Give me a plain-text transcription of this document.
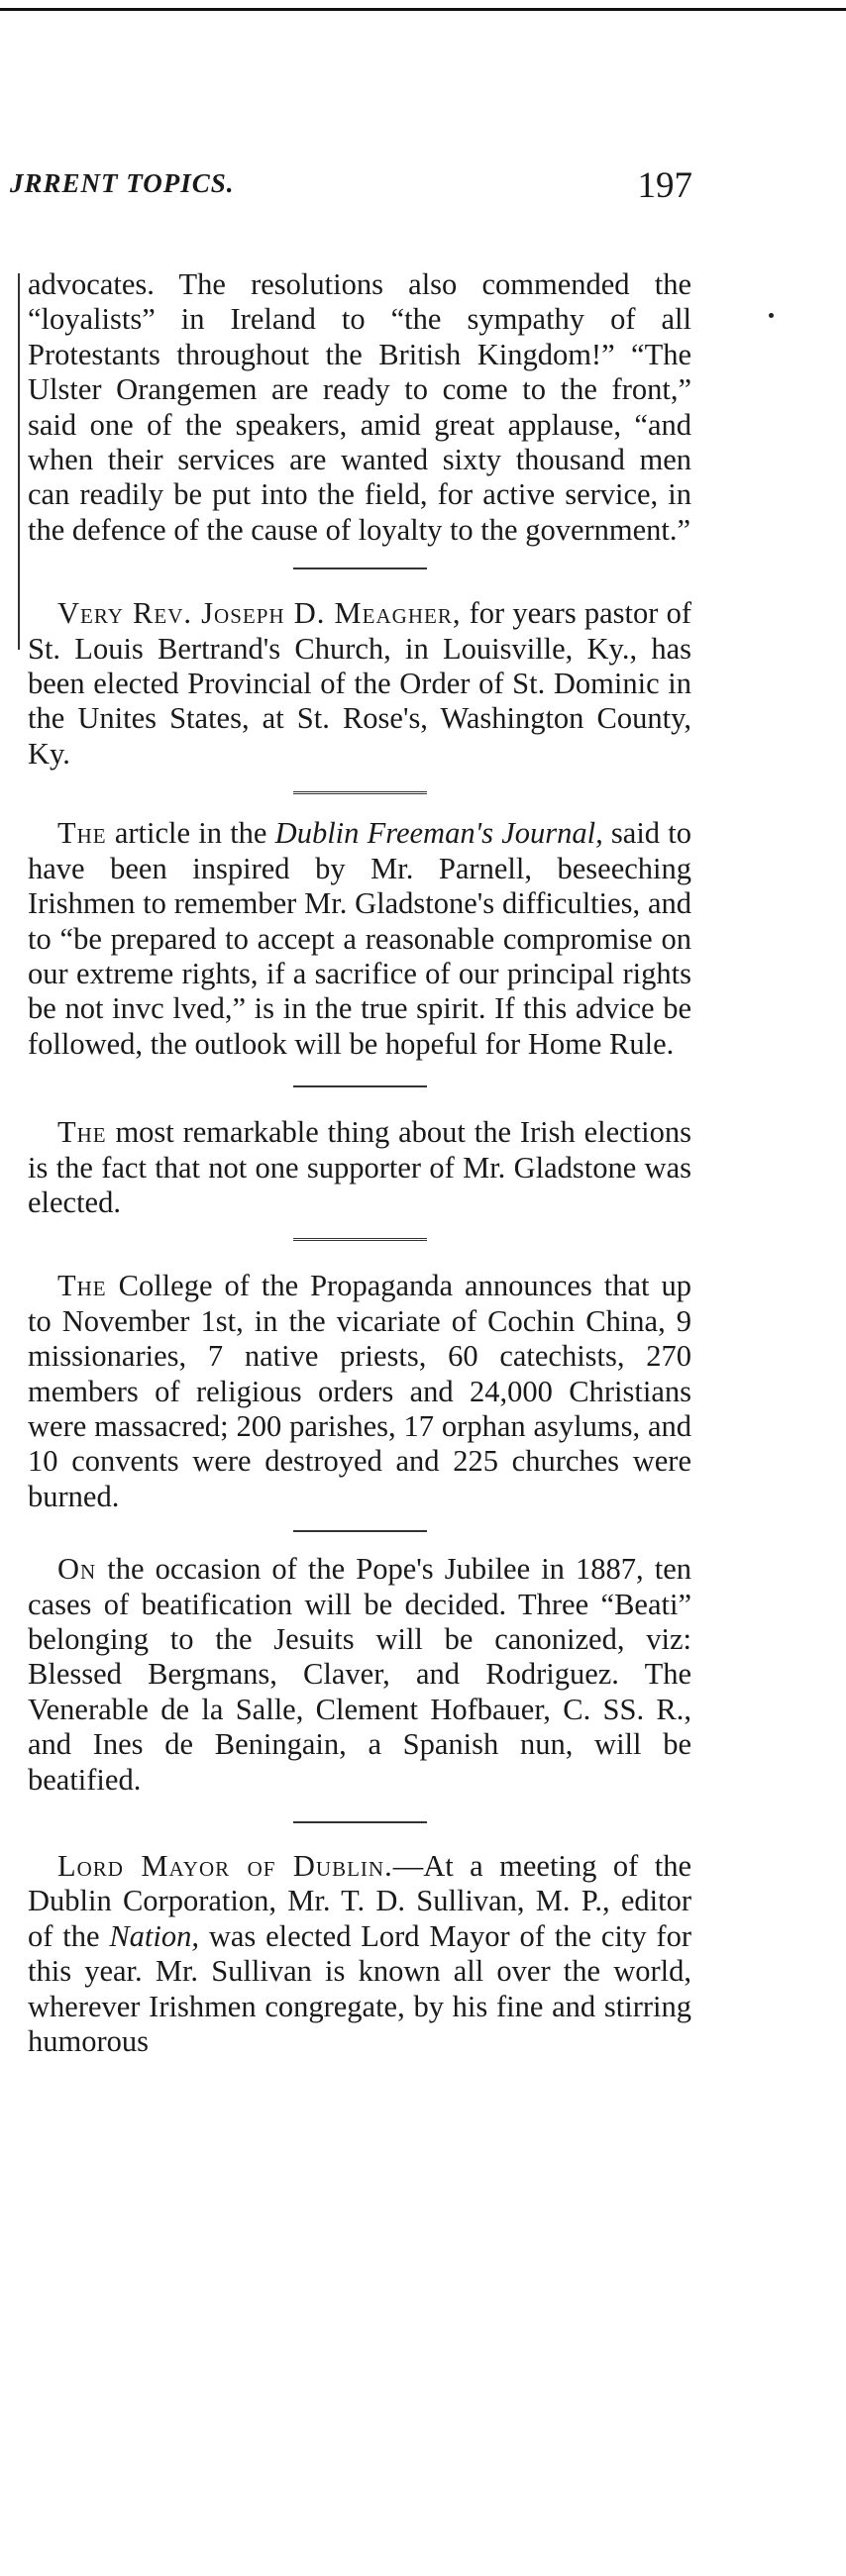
JRRENT TOPICS.	197

advocates. The resolutions also commended the “loyalists” in Ireland to “the sympathy of all Protestants throughout the British Kingdom!” “The Ulster Orangemen are ready to come to the front,” said one of the speakers, amid great applause, “and when their services are wanted sixty thousand men can readily be put into the field, for active service, in the defence of the cause of loyalty to the government.”

Very Rev. Joseph D. Meagher, for years pastor of St. Louis Bertrand's Church, in Louisville, Ky., has been elected Provincial of the Order of St. Dominic in the Unites States, at St. Rose's, Washington County, Ky.

The article in the Dublin Freeman's Journal, said to have been inspired by Mr. Parnell, beseeching Irishmen to remember Mr. Gladstone's difficulties, and to “be prepared to accept a reasonable compromise on our extreme rights, if a sacrifice of our principal rights be not invc lved,” is in the true spirit. If this advice be followed, the outlook will be hopeful for Home Rule.

The most remarkable thing about the Irish elections is the fact that not one supporter of Mr. Gladstone was elected.

The College of the Propaganda announces that up to November 1st, in the vicariate of Cochin China, 9 missionaries, 7 native priests, 60 catechists, 270 members of religious orders and 24,000 Christians were massacred; 200 parishes, 17 orphan asylums, and 10 convents were destroyed and 225 churches were burned.

On the occasion of the Pope's Jubilee in 1887, ten cases of beatification will be decided. Three “Beati” belonging to the Jesuits will be canonized, viz: Blessed Bergmans, Claver, and Rodriguez. The Venerable de la Salle, Clement Hofbauer, C. SS. R., and Ines de Beningain, a Spanish nun, will be beatified.

Lord Mayor of Dublin.—At a meeting of the Dublin Corporation, Mr. T. D. Sullivan, M. P., editor of the Nation, was elected Lord Mayor of the city for this year. Mr. Sullivan is known all over the world, wherever Irishmen congregate, by his fine and stirring humorous
